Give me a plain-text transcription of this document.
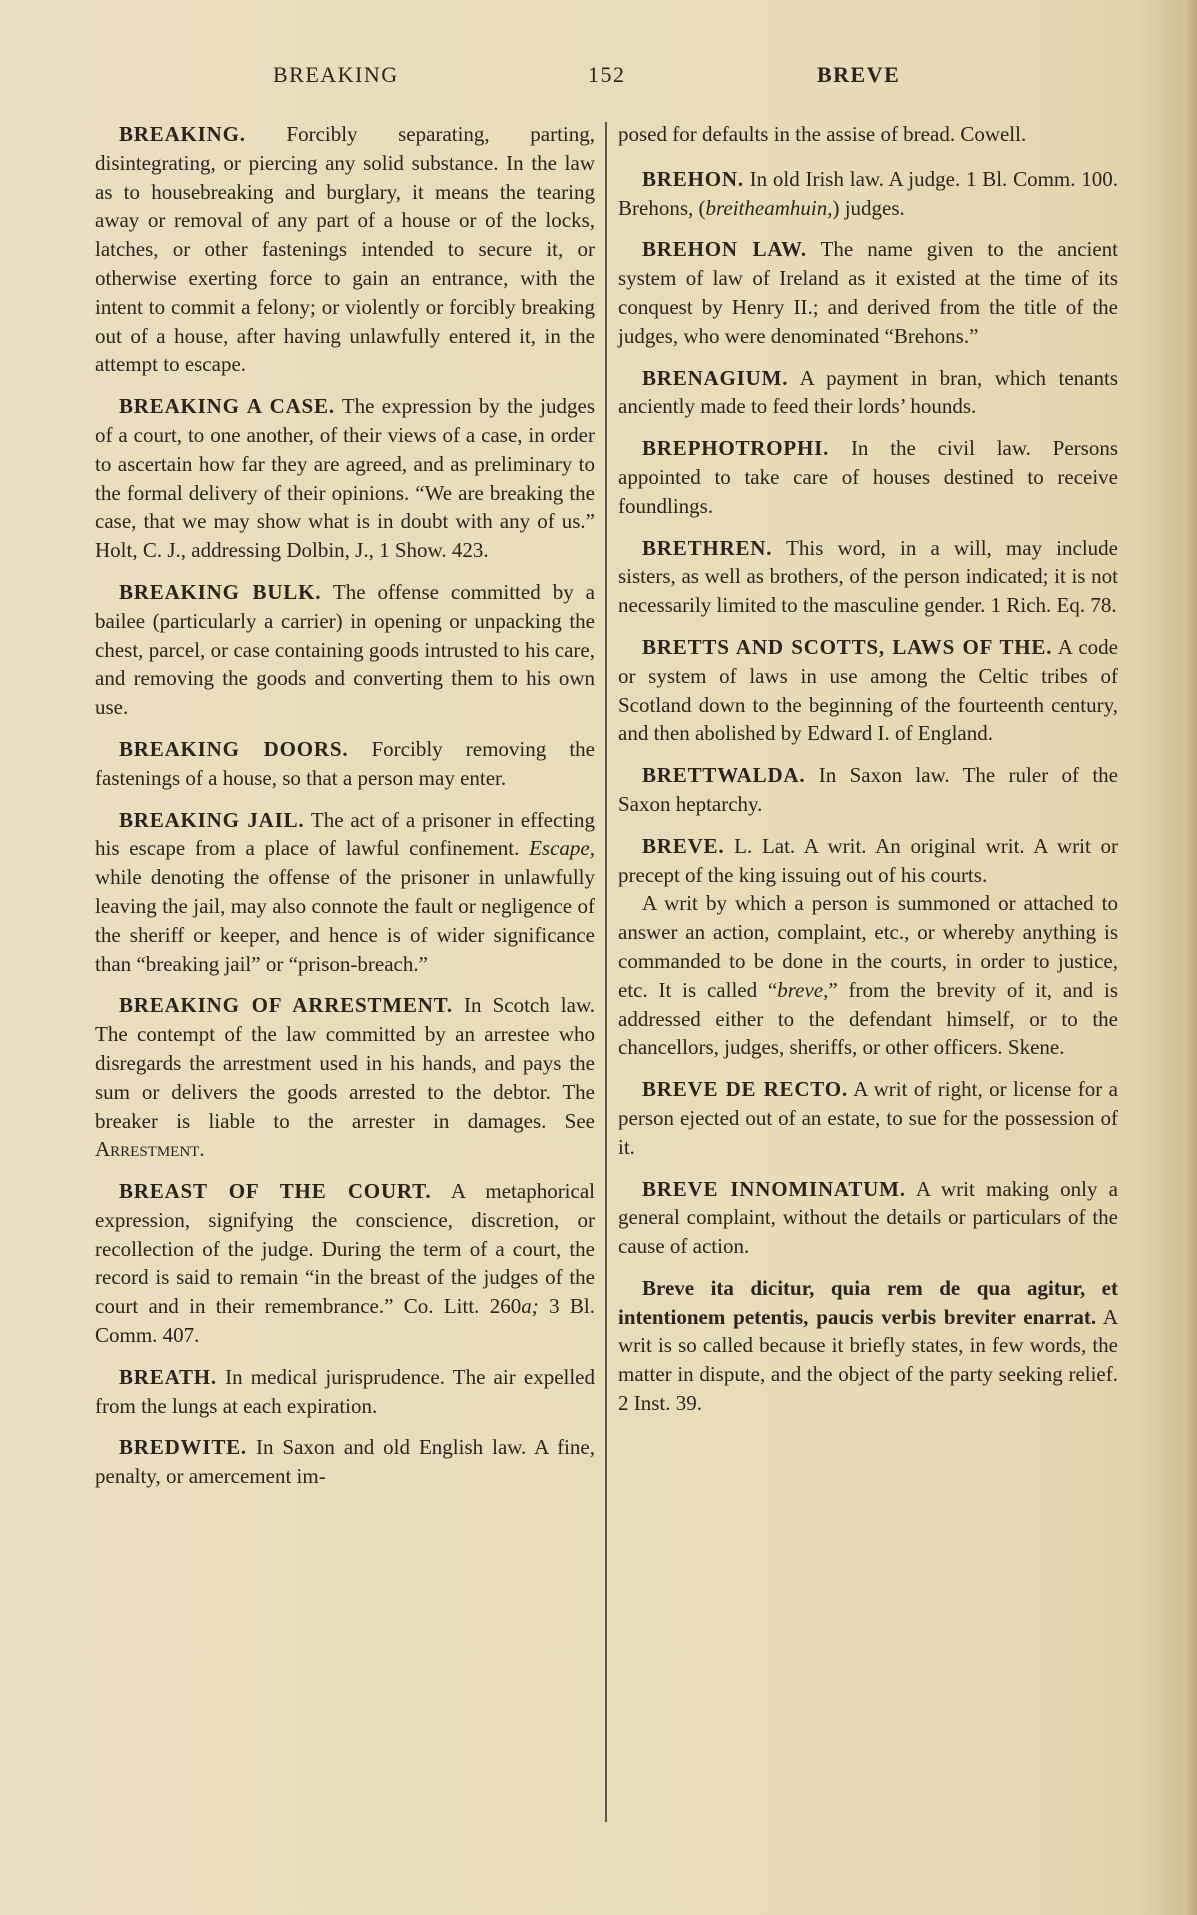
BREAKING	152	BREVE

BREAKING. Forcibly separating, parting, disintegrating, or piercing any solid substance. In the law as to housebreaking and burglary, it means the tearing away or removal of any part of a house or of the locks, latches, or other fastenings intended to secure it, or otherwise exerting force to gain an entrance, with the intent to commit a felony; or violently or forcibly breaking out of a house, after having unlawfully entered it, in the attempt to escape.

BREAKING A CASE. The expression by the judges of a court, to one another, of their views of a case, in order to ascertain how far they are agreed, and as preliminary to the formal delivery of their opinions. “We are breaking the case, that we may show what is in doubt with any of us.” Holt, C. J., addressing Dolbin, J., 1 Show. 423.

BREAKING BULK. The offense committed by a bailee (particularly a carrier) in opening or unpacking the chest, parcel, or case containing goods intrusted to his care, and removing the goods and converting them to his own use.

BREAKING DOORS. Forcibly removing the fastenings of a house, so that a person may enter.

BREAKING JAIL. The act of a prisoner in effecting his escape from a place of lawful confinement. Escape, while denoting the offense of the prisoner in unlawfully leaving the jail, may also connote the fault or negligence of the sheriff or keeper, and hence is of wider significance than “breaking jail” or “prison-breach.”

BREAKING OF ARRESTMENT. In Scotch law. The contempt of the law committed by an arrestee who disregards the arrestment used in his hands, and pays the sum or delivers the goods arrested to the debtor. The breaker is liable to the arrester in damages. See Arrestment.

BREAST OF THE COURT. A metaphorical expression, signifying the conscience, discretion, or recollection of the judge. During the term of a court, the record is said to remain “in the breast of the judges of the court and in their remembrance.” Co. Litt. 260a; 3 Bl. Comm. 407.

BREATH. In medical jurisprudence. The air expelled from the lungs at each expiration.

BREDWITE. In Saxon and old English law. A fine, penalty, or amercement im-

posed for defaults in the assise of bread. Cowell.

BREHON. In old Irish law. A judge. 1 Bl. Comm. 100. Brehons, (breitheamhuin,) judges.

BREHON LAW. The name given to the ancient system of law of Ireland as it existed at the time of its conquest by Henry II.; and derived from the title of the judges, who were denominated “Brehons.”

BRENAGIUM. A payment in bran, which tenants anciently made to feed their lords’ hounds.

BREPHOTROPHI. In the civil law. Persons appointed to take care of houses destined to receive foundlings.

BRETHREN. This word, in a will, may include sisters, as well as brothers, of the person indicated; it is not necessarily limited to the masculine gender. 1 Rich. Eq. 78.

BRETTS AND SCOTTS, LAWS OF THE. A code or system of laws in use among the Celtic tribes of Scotland down to the beginning of the fourteenth century, and then abolished by Edward I. of England.

BRETTWALDA. In Saxon law. The ruler of the Saxon heptarchy.

BREVE. L. Lat. A writ. An original writ. A writ or precept of the king issuing out of his courts.

A writ by which a person is summoned or attached to answer an action, complaint, etc., or whereby anything is commanded to be done in the courts, in order to justice, etc. It is called “breve,” from the brevity of it, and is addressed either to the defendant himself, or to the chancellors, judges, sheriffs, or other officers. Skene.

BREVE DE RECTO. A writ of right, or license for a person ejected out of an estate, to sue for the possession of it.

BREVE INNOMINATUM. A writ making only a general complaint, without the details or particulars of the cause of action.

Breve ita dicitur, quia rem de qua agitur, et intentionem petentis, paucis verbis breviter enarrat. A writ is so called because it briefly states, in few words, the matter in dispute, and the object of the party seeking relief. 2 Inst. 39.
